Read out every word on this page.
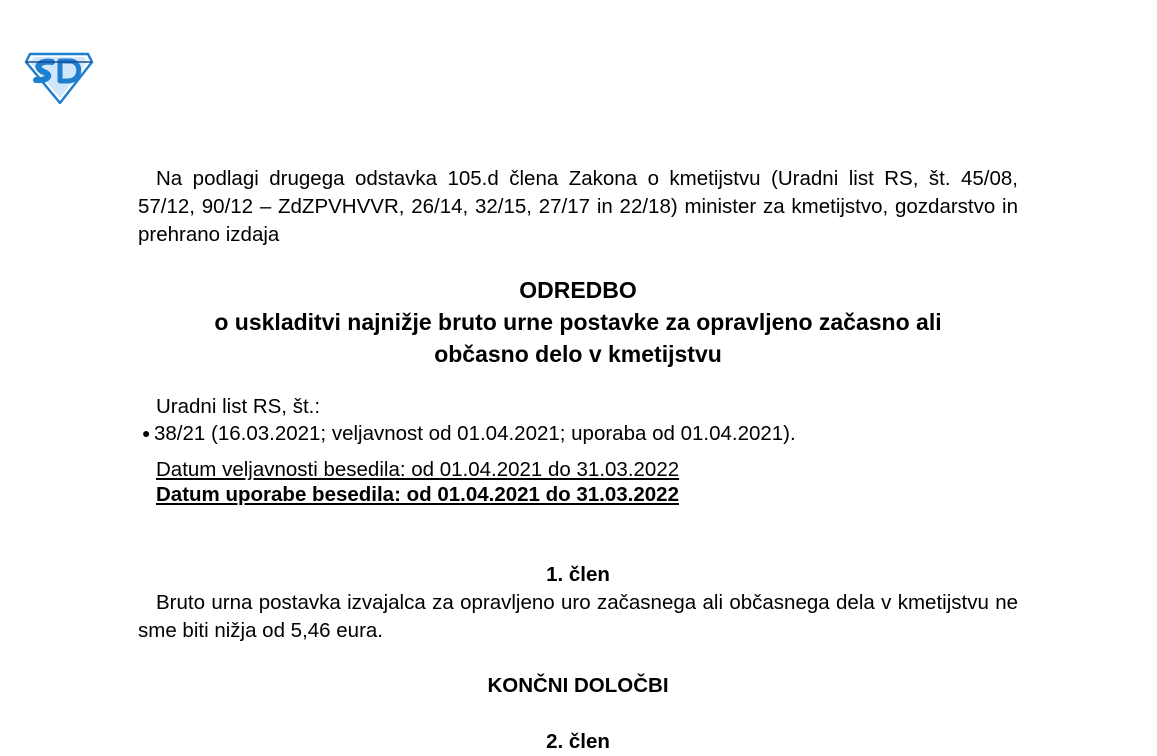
Na podlagi drugega odstavka 105.d člena Zakona o kmetijstvu (Uradni list RS, št. 45/08, 57/12, 90/12 – ZdZPVHVVR, 26/14, 32/15, 27/17 in 22/18) minister za kmetijstvo, gozdarstvo in prehrano izdaja

ODREDBO
o uskladitvi najnižje bruto urne postavke za opravljeno začasno ali
občasno delo v kmetijstvu
Uradni list RS, št.:
● 38/21 (16.03.2021; veljavnost od 01.04.2021; uporaba od 01.04.2021).
Datum veljavnosti besedila: od 01.04.2021 do 31.03.2022
Datum uporabe besedila: od 01.04.2021 do 31.03.2022
1. člen

Bruto urna postavka izvajalca za opravljeno uro začasnega ali občasnega dela v kmetijstvu ne sme biti nižja od 5,46 eura.

KONČNI DOLOČBI
2. člen
